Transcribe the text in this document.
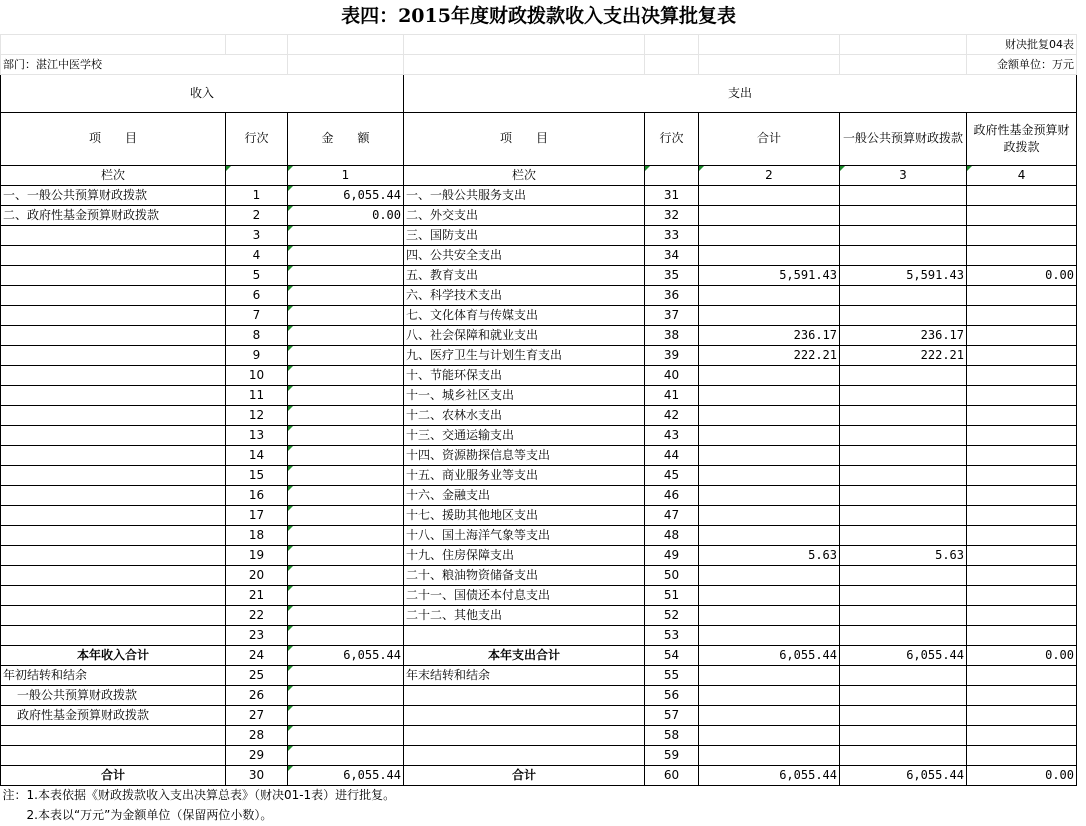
表四：2015年度财政拨款收入支出决算批复表							
							财决批复04表
部门：湛江中医学校							金额单位：万元
收入			支出				
项　　目	行次	金　　额	项　　目	行次	合计	一般公共预算财政拨款	政府性基金预算财政拨款
栏次		1	栏次		2	3	4
一、一般公共预算财政拨款	1	6,055.44	一、一般公共服务支出	31			
二、政府性基金预算财政拨款	2	0.00	二、外交支出	32			
	3		三、国防支出	33			
	4		四、公共安全支出	34			
	5		五、教育支出	35	5,591.43	5,591.43	0.00
	6		六、科学技术支出	36			
	7		七、文化体育与传媒支出	37			
	8		八、社会保障和就业支出	38	236.17	236.17	
	9		九、医疗卫生与计划生育支出	39	222.21	222.21	
	10		十、节能环保支出	40			
	11		十一、城乡社区支出	41			
	12		十二、农林水支出	42			
	13		十三、交通运输支出	43			
	14		十四、资源勘探信息等支出	44			
	15		十五、商业服务业等支出	45			
	16		十六、金融支出	46			
	17		十七、援助其他地区支出	47			
	18		十八、国土海洋气象等支出	48			
	19		十九、住房保障支出	49	5.63	5.63	
	20		二十、粮油物资储备支出	50			
	21		二十一、国债还本付息支出	51			
	22		二十二、其他支出	52			
	23			53			
本年收入合计	24	6,055.44	本年支出合计	54	6,055.44	6,055.44	0.00
年初结转和结余	25		年末结转和结余	55			
一般公共预算财政拨款	26			56			
政府性基金预算财政拨款	27			57			
	28			58			
	29			59			
合计	30	6,055.44	合计	60	6,055.44	6,055.44	0.00
注：1.本表依据《财政拨款收入支出决算总表》（财决01-1表）进行批复。							
　　2.本表以“万元”为金额单位（保留两位小数）。							
